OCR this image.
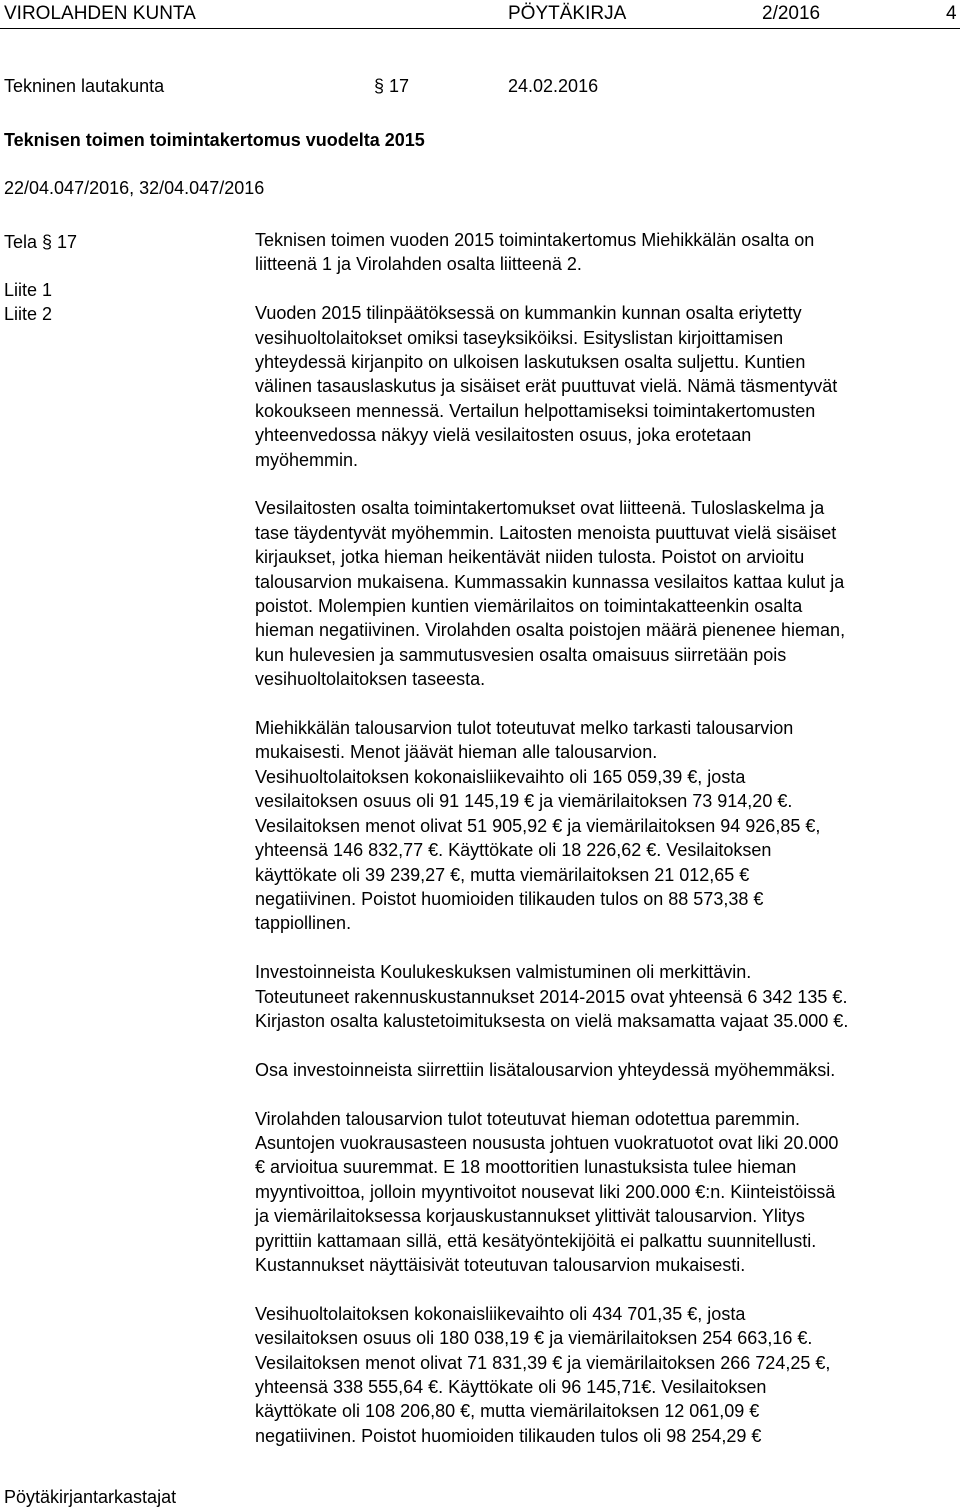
VIROLAHDEN KUNTA	PÖYTÄKIRJA	2/2016	4
Tekninen lautakunta	§ 17	24.02.2016
Teknisen toimen toimintakertomus vuodelta 2015
22/04.047/2016, 32/04.047/2016
Tela § 17
Liite 1
Liite 2

Teknisen toimen vuoden 2015 toimintakertomus Miehikkälän osalta on
liitteenä 1 ja Virolahden osalta liitteenä 2.

Vuoden 2015 tilinpäätöksessä on kummankin kunnan osalta eriytetty
vesihuoltolaitokset omiksi taseyksiköiksi. Esityslistan kirjoittamisen
yhteydessä kirjanpito on ulkoisen laskutuksen osalta suljettu. Kuntien
välinen tasauslaskutus ja sisäiset erät puuttuvat vielä. Nämä täsmentyvät
kokoukseen mennessä. Vertailun helpottamiseksi toimintakertomusten
yhteenvedossa näkyy vielä vesilaitosten osuus, joka erotetaan
myöhemmin.

Vesilaitosten osalta toimintakertomukset ovat liitteenä. Tuloslaskelma ja
tase täydentyvät myöhemmin. Laitosten menoista puuttuvat vielä sisäiset
kirjaukset, jotka hieman heikentävät niiden tulosta. Poistot on arvioitu
talousarvion mukaisena. Kummassakin kunnassa vesilaitos kattaa kulut ja
poistot. Molempien kuntien viemärilaitos on toimintakatteenkin osalta
hieman negatiivinen. Virolahden osalta poistojen määrä pienenee hieman,
kun hulevesien ja sammutusvesien osalta omaisuus siirretään pois
vesihuoltolaitoksen taseesta.

Miehikkälän talousarvion tulot toteutuvat melko tarkasti talousarvion
mukaisesti. Menot jäävät hieman alle talousarvion.
Vesihuoltolaitoksen kokonaisliikevaihto oli 165 059,39 €, josta
vesilaitoksen osuus oli 91 145,19 € ja viemärilaitoksen 73 914,20 €.
Vesilaitoksen menot olivat 51 905,92 € ja viemärilaitoksen 94 926,85 €,
yhteensä 146 832,77 €. Käyttökate oli 18 226,62 €. Vesilaitoksen
käyttökate oli 39 239,27 €, mutta viemärilaitoksen 21 012,65 €
negatiivinen. Poistot huomioiden tilikauden tulos on 88 573,38 €
tappiollinen.

Investoinneista Koulukeskuksen valmistuminen oli merkittävin.
Toteutuneet rakennuskustannukset 2014-2015 ovat yhteensä 6 342 135 €.
Kirjaston osalta kalustetoimituksesta on vielä maksamatta vajaat 35.000 €.

Osa investoinneista siirrettiin lisätalousarvion yhteydessä myöhemmäksi.

Virolahden talousarvion tulot toteutuvat hieman odotettua paremmin.
Asuntojen vuokrausasteen noususta johtuen vuokratuotot ovat liki 20.000
€ arvioitua suuremmat. E 18 moottoritien lunastuksista tulee hieman
myyntivoittoa, jolloin myyntivoitot nousevat liki 200.000 €:n. Kiinteistöissä
ja viemärilaitoksessa korjauskustannukset ylittivät talousarvion. Ylitys
pyrittiin kattamaan sillä, että kesätyöntekijöitä ei palkattu suunnitellusti.
Kustannukset näyttäisivät toteutuvan talousarvion mukaisesti.

Vesihuoltolaitoksen kokonaisliikevaihto oli 434 701,35 €, josta
vesilaitoksen osuus oli 180 038,19 € ja viemärilaitoksen 254 663,16 €.
Vesilaitoksen menot olivat 71 831,39 € ja viemärilaitoksen 266 724,25 €,
yhteensä 338 555,64 €. Käyttökate oli 96 145,71€. Vesilaitoksen
käyttökate oli 108 206,80 €, mutta viemärilaitoksen 12 061,09 €
negatiivinen. Poistot huomioiden tilikauden tulos oli 98 254,29 €

Pöytäkirjantarkastajat
